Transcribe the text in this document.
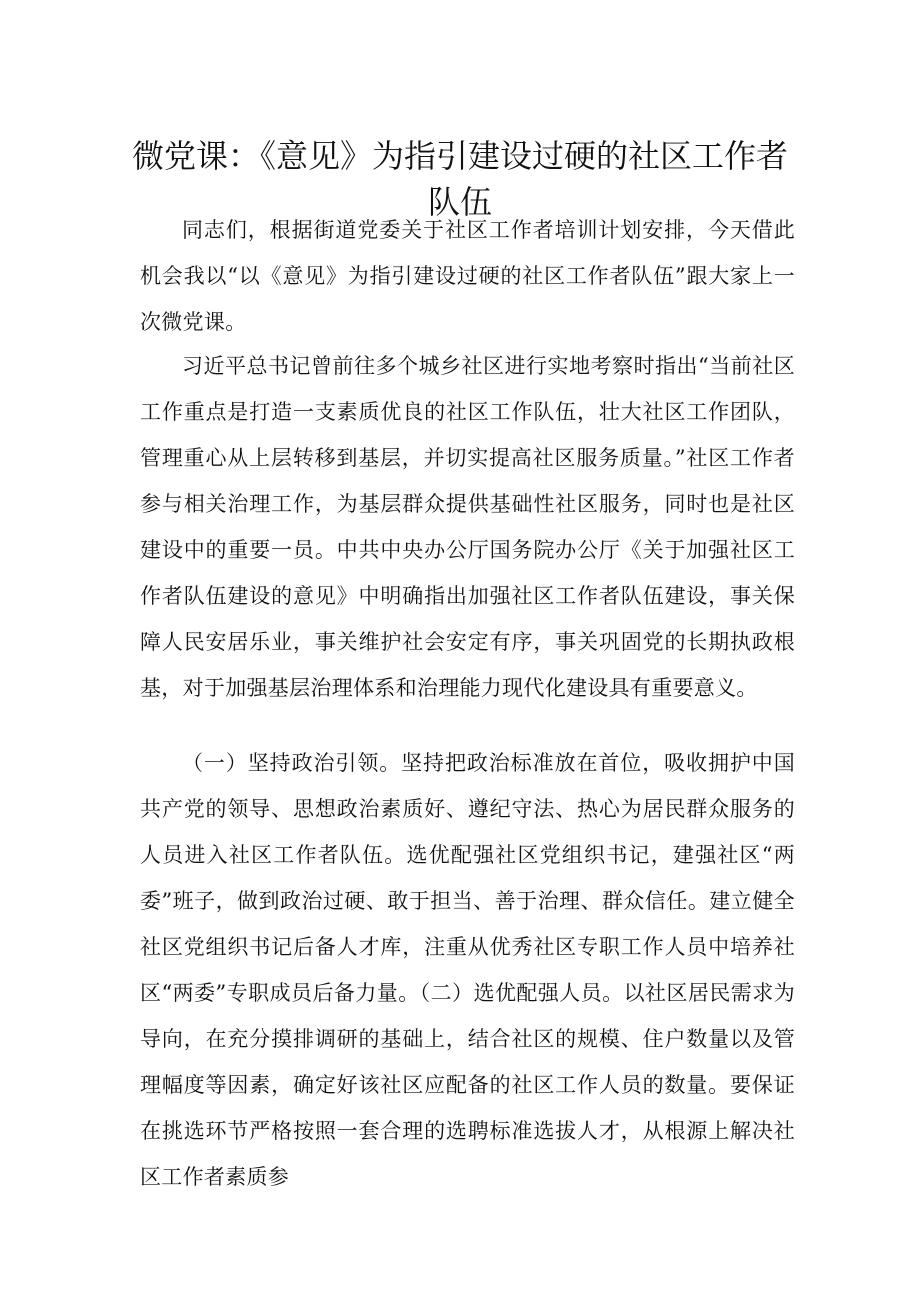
微党课：《意见》为指引建设过硬的社区工作者队伍

同志们，根据街道党委关于社区工作者培训计划安排，今天借此机会我以“以《意见》为指引建设过硬的社区工作者队伍”跟大家上一次微党课。

习近平总书记曾前往多个城乡社区进行实地考察时指出“当前社区工作重点是打造一支素质优良的社区工作队伍，壮大社区工作团队，管理重心从上层转移到基层，并切实提高社区服务质量。”社区工作者参与相关治理工作，为基层群众提供基础性社区服务，同时也是社区建设中的重要一员。中共中央办公厅国务院办公厅《关于加强社区工作者队伍建设的意见》中明确指出加强社区工作者队伍建设，事关保障人民安居乐业，事关维护社会安定有序，事关巩固党的长期执政根基，对于加强基层治理体系和治理能力现代化建设具有重要意义。

（一）坚持政治引领。坚持把政治标准放在首位，吸收拥护中国共产党的领导、思想政治素质好、遵纪守法、热心为居民群众服务的人员进入社区工作者队伍。选优配强社区党组织书记，建强社区“两委”班子，做到政治过硬、敢于担当、善于治理、群众信任。建立健全社区党组织书记后备人才库，注重从优秀社区专职工作人员中培养社区“两委”专职成员后备力量。（二）选优配强人员。以社区居民需求为导向，在充分摸排调研的基础上，结合社区的规模、住户数量以及管理幅度等因素，确定好该社区应配备的社区工作人员的数量。要保证在挑选环节严格按照一套合理的选聘标准选拔人才，从根源上解决社区工作者素质参
